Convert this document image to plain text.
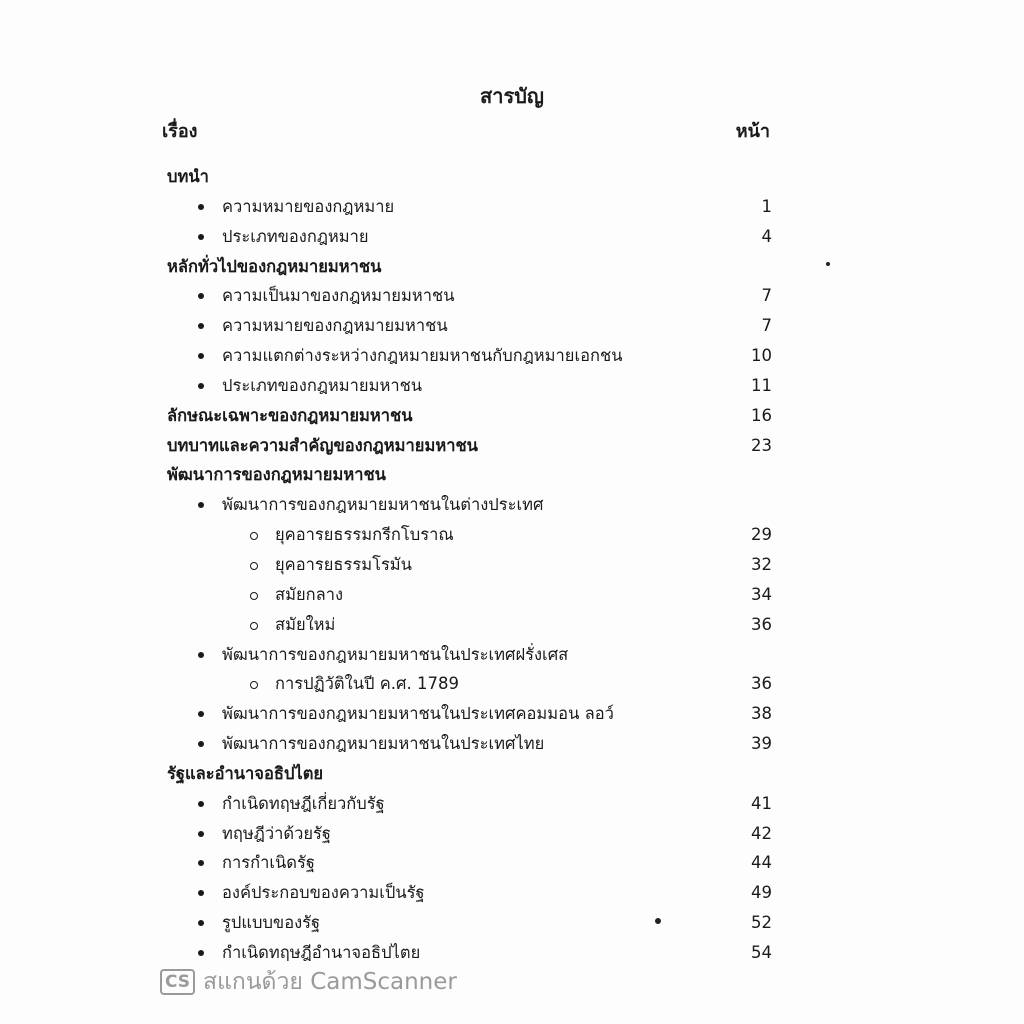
สารบัญ
เรื่อง	หน้า
บทนำ
ความหมายของกฎหมาย	1
ประเภทของกฎหมาย	4
หลักทั่วไปของกฎหมายมหาชน
ความเป็นมาของกฎหมายมหาชน	7
ความหมายของกฎหมายมหาชน	7
ความแตกต่างระหว่างกฎหมายมหาชนกับกฎหมายเอกชน	10
ประเภทของกฎหมายมหาชน	11
ลักษณะเฉพาะของกฎหมายมหาชน	16
บทบาทและความสำคัญของกฎหมายมหาชน	23
พัฒนาการของกฎหมายมหาชน
พัฒนาการของกฎหมายมหาชนในต่างประเทศ
ยุคอารยธรรมกรีกโบราณ	29
ยุคอารยธรรมโรมัน	32
สมัยกลาง	34
สมัยใหม่	36
พัฒนาการของกฎหมายมหาชนในประเทศฝรั่งเศส
การปฏิวัติในปี ค.ศ. 1789	36
พัฒนาการของกฎหมายมหาชนในประเทศคอมมอน ลอว์	38
พัฒนาการของกฎหมายมหาชนในประเทศไทย	39
รัฐและอำนาจอธิปไตย
กำเนิดทฤษฎีเกี่ยวกับรัฐ	41
ทฤษฎีว่าด้วยรัฐ	42
การกำเนิดรัฐ	44
องค์ประกอบของความเป็นรัฐ	49
รูปแบบของรัฐ	52
กำเนิดทฤษฎีอำนาจอธิปไตย	54
CS สแกนด้วย CamScanner
